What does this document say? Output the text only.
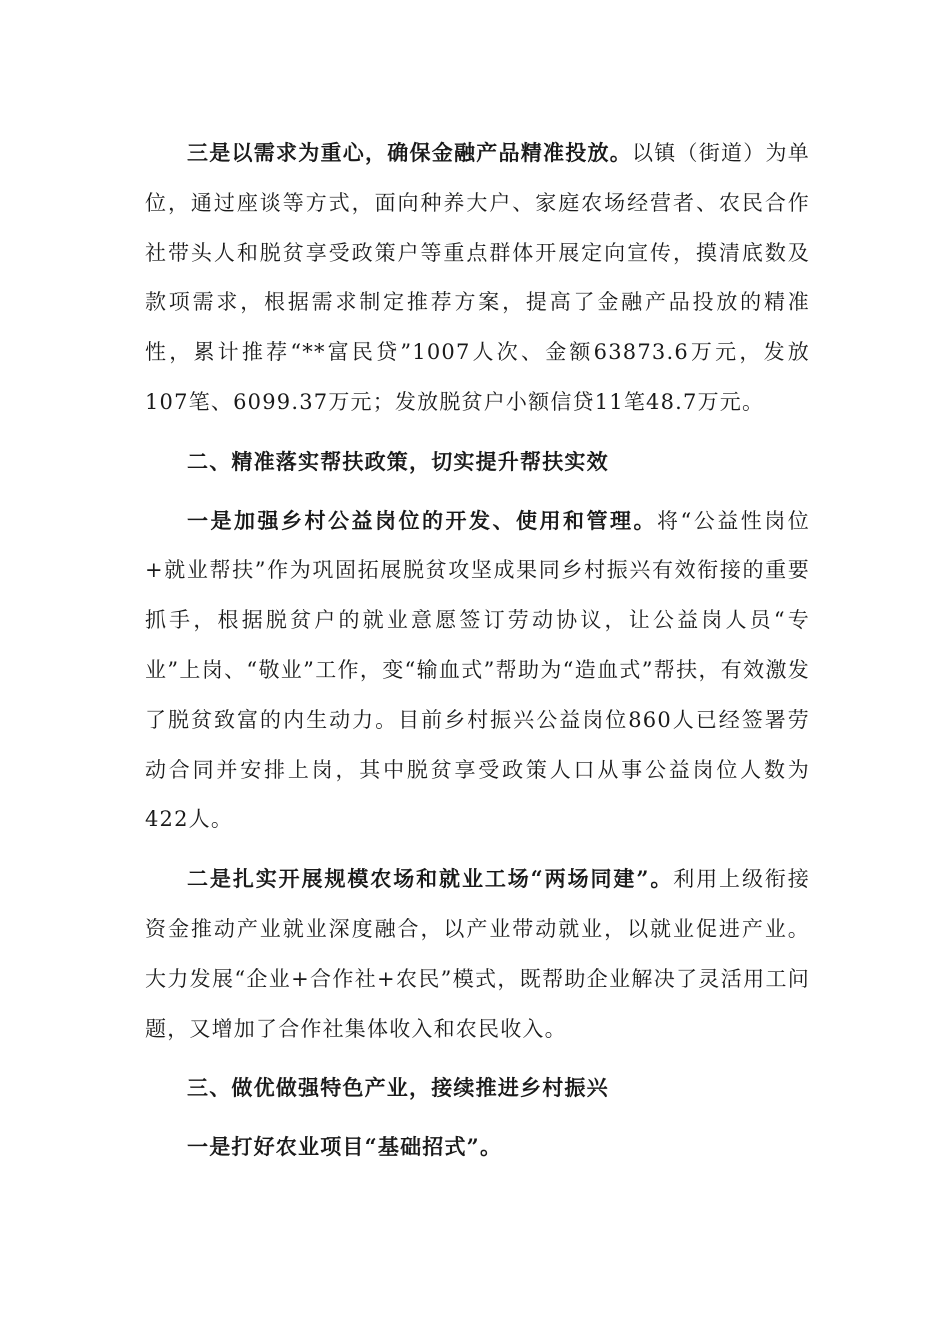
三是以需求为重心，确保金融产品精准投放。以镇（街道）为单位，通过座谈等方式，面向种养大户、家庭农场经营者、农民合作社带头人和脱贫享受政策户等重点群体开展定向宣传，摸清底数及款项需求，根据需求制定推荐方案，提高了金融产品投放的精准性，累计推荐“**富民贷”1007人次、金额63873.6万元，发放107笔、6099.37万元；发放脱贫户小额信贷11笔48.7万元。

二、精准落实帮扶政策，切实提升帮扶实效

一是加强乡村公益岗位的开发、使用和管理。将“公益性岗位+就业帮扶”作为巩固拓展脱贫攻坚成果同乡村振兴有效衔接的重要抓手，根据脱贫户的就业意愿签订劳动协议，让公益岗人员“专业”上岗、“敬业”工作，变“输血式”帮助为“造血式”帮扶，有效激发了脱贫致富的内生动力。目前乡村振兴公益岗位860人已经签署劳动合同并安排上岗，其中脱贫享受政策人口从事公益岗位人数为422人。

二是扎实开展规模农场和就业工场“两场同建”。利用上级衔接资金推动产业就业深度融合，以产业带动就业，以就业促进产业。大力发展“企业+合作社+农民”模式，既帮助企业解决了灵活用工问题，又增加了合作社集体收入和农民收入。

三、做优做强特色产业，接续推进乡村振兴

一是打好农业项目“基础招式”。
